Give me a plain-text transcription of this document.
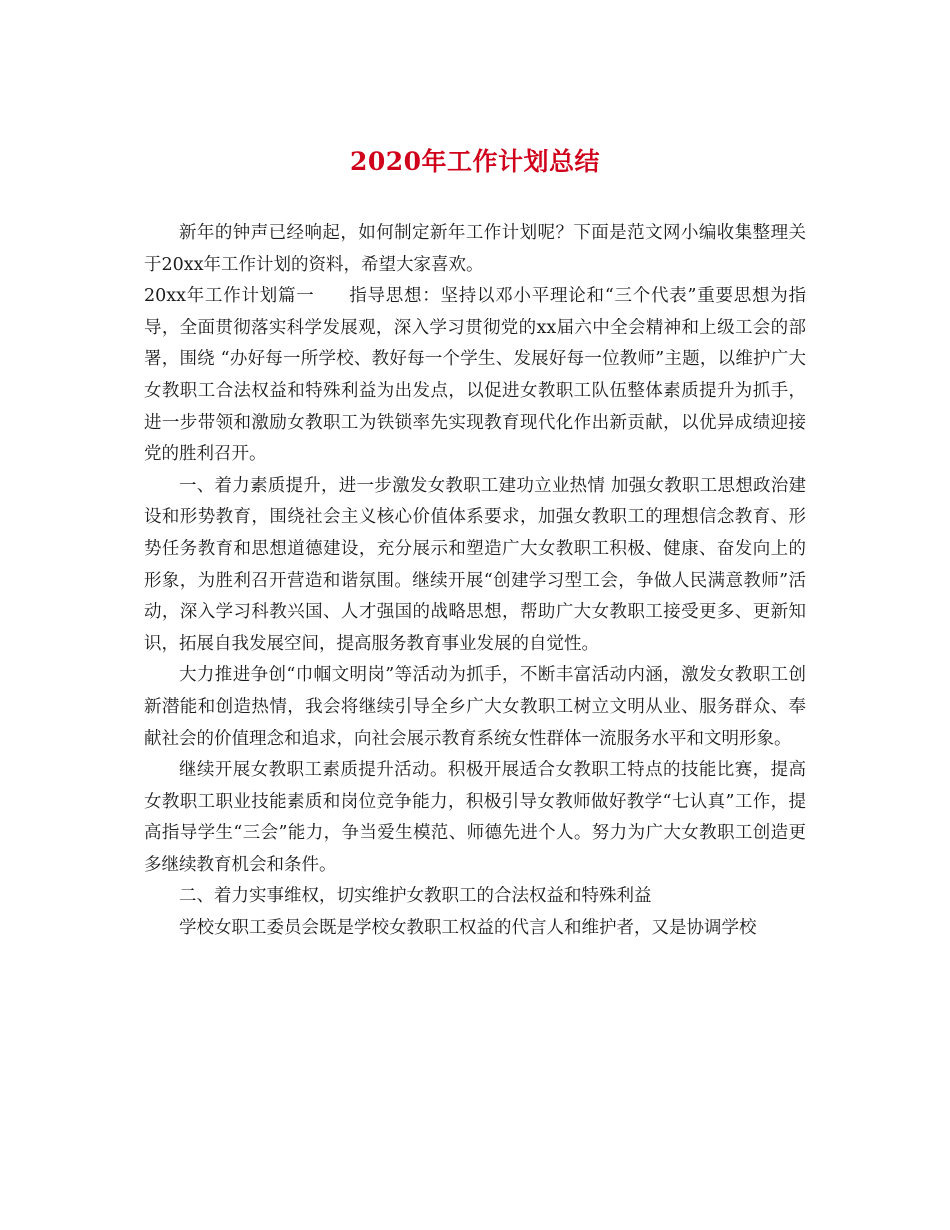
2020年工作计划总结

新年的钟声已经响起，如何制定新年工作计划呢？下面是范文网小编收集整理关于20xx年工作计划的资料，希望大家喜欢。

20xx年工作计划篇一 指导思想：坚持以邓小平理论和“三个代表”重要思想为指导，全面贯彻落实科学发展观，深入学习贯彻党的xx届六中全会精神和上级工会的部署，围绕 “办好每一所学校、教好每一个学生、发展好每一位教师”主题，以维护广大女教职工合法权益和特殊利益为出发点，以促进女教职工队伍整体素质提升为抓手，进一步带领和激励女教职工为铁锁率先实现教育现代化作出新贡献，以优异成绩迎接党的胜利召开。

一、着力素质提升，进一步激发女教职工建功立业热情 加强女教职工思想政治建设和形势教育，围绕社会主义核心价值体系要求，加强女教职工的理想信念教育、形势任务教育和思想道德建设，充分展示和塑造广大女教职工积极、健康、奋发向上的形象，为胜利召开营造和谐氛围。继续开展“创建学习型工会，争做人民满意教师”活动，深入学习科教兴国、人才强国的战略思想，帮助广大女教职工接受更多、更新知识，拓展自我发展空间，提高服务教育事业发展的自觉性。

大力推进争创“巾帼文明岗”等活动为抓手，不断丰富活动内涵，激发女教职工创新潜能和创造热情，我会将继续引导全乡广大女教职工树立文明从业、服务群众、奉献社会的价值理念和追求，向社会展示教育系统女性群体一流服务水平和文明形象。

继续开展女教职工素质提升活动。积极开展适合女教职工特点的技能比赛，提高女教职工职业技能素质和岗位竞争能力，积极引导女教师做好教学“七认真”工作，提高指导学生“三会”能力，争当爱生模范、师德先进个人。努力为广大女教职工创造更多继续教育机会和条件。

二、着力实事维权，切实维护女教职工的合法权益和特殊利益

学校女职工委员会既是学校女教职工权益的代言人和维护者，又是协调学校
